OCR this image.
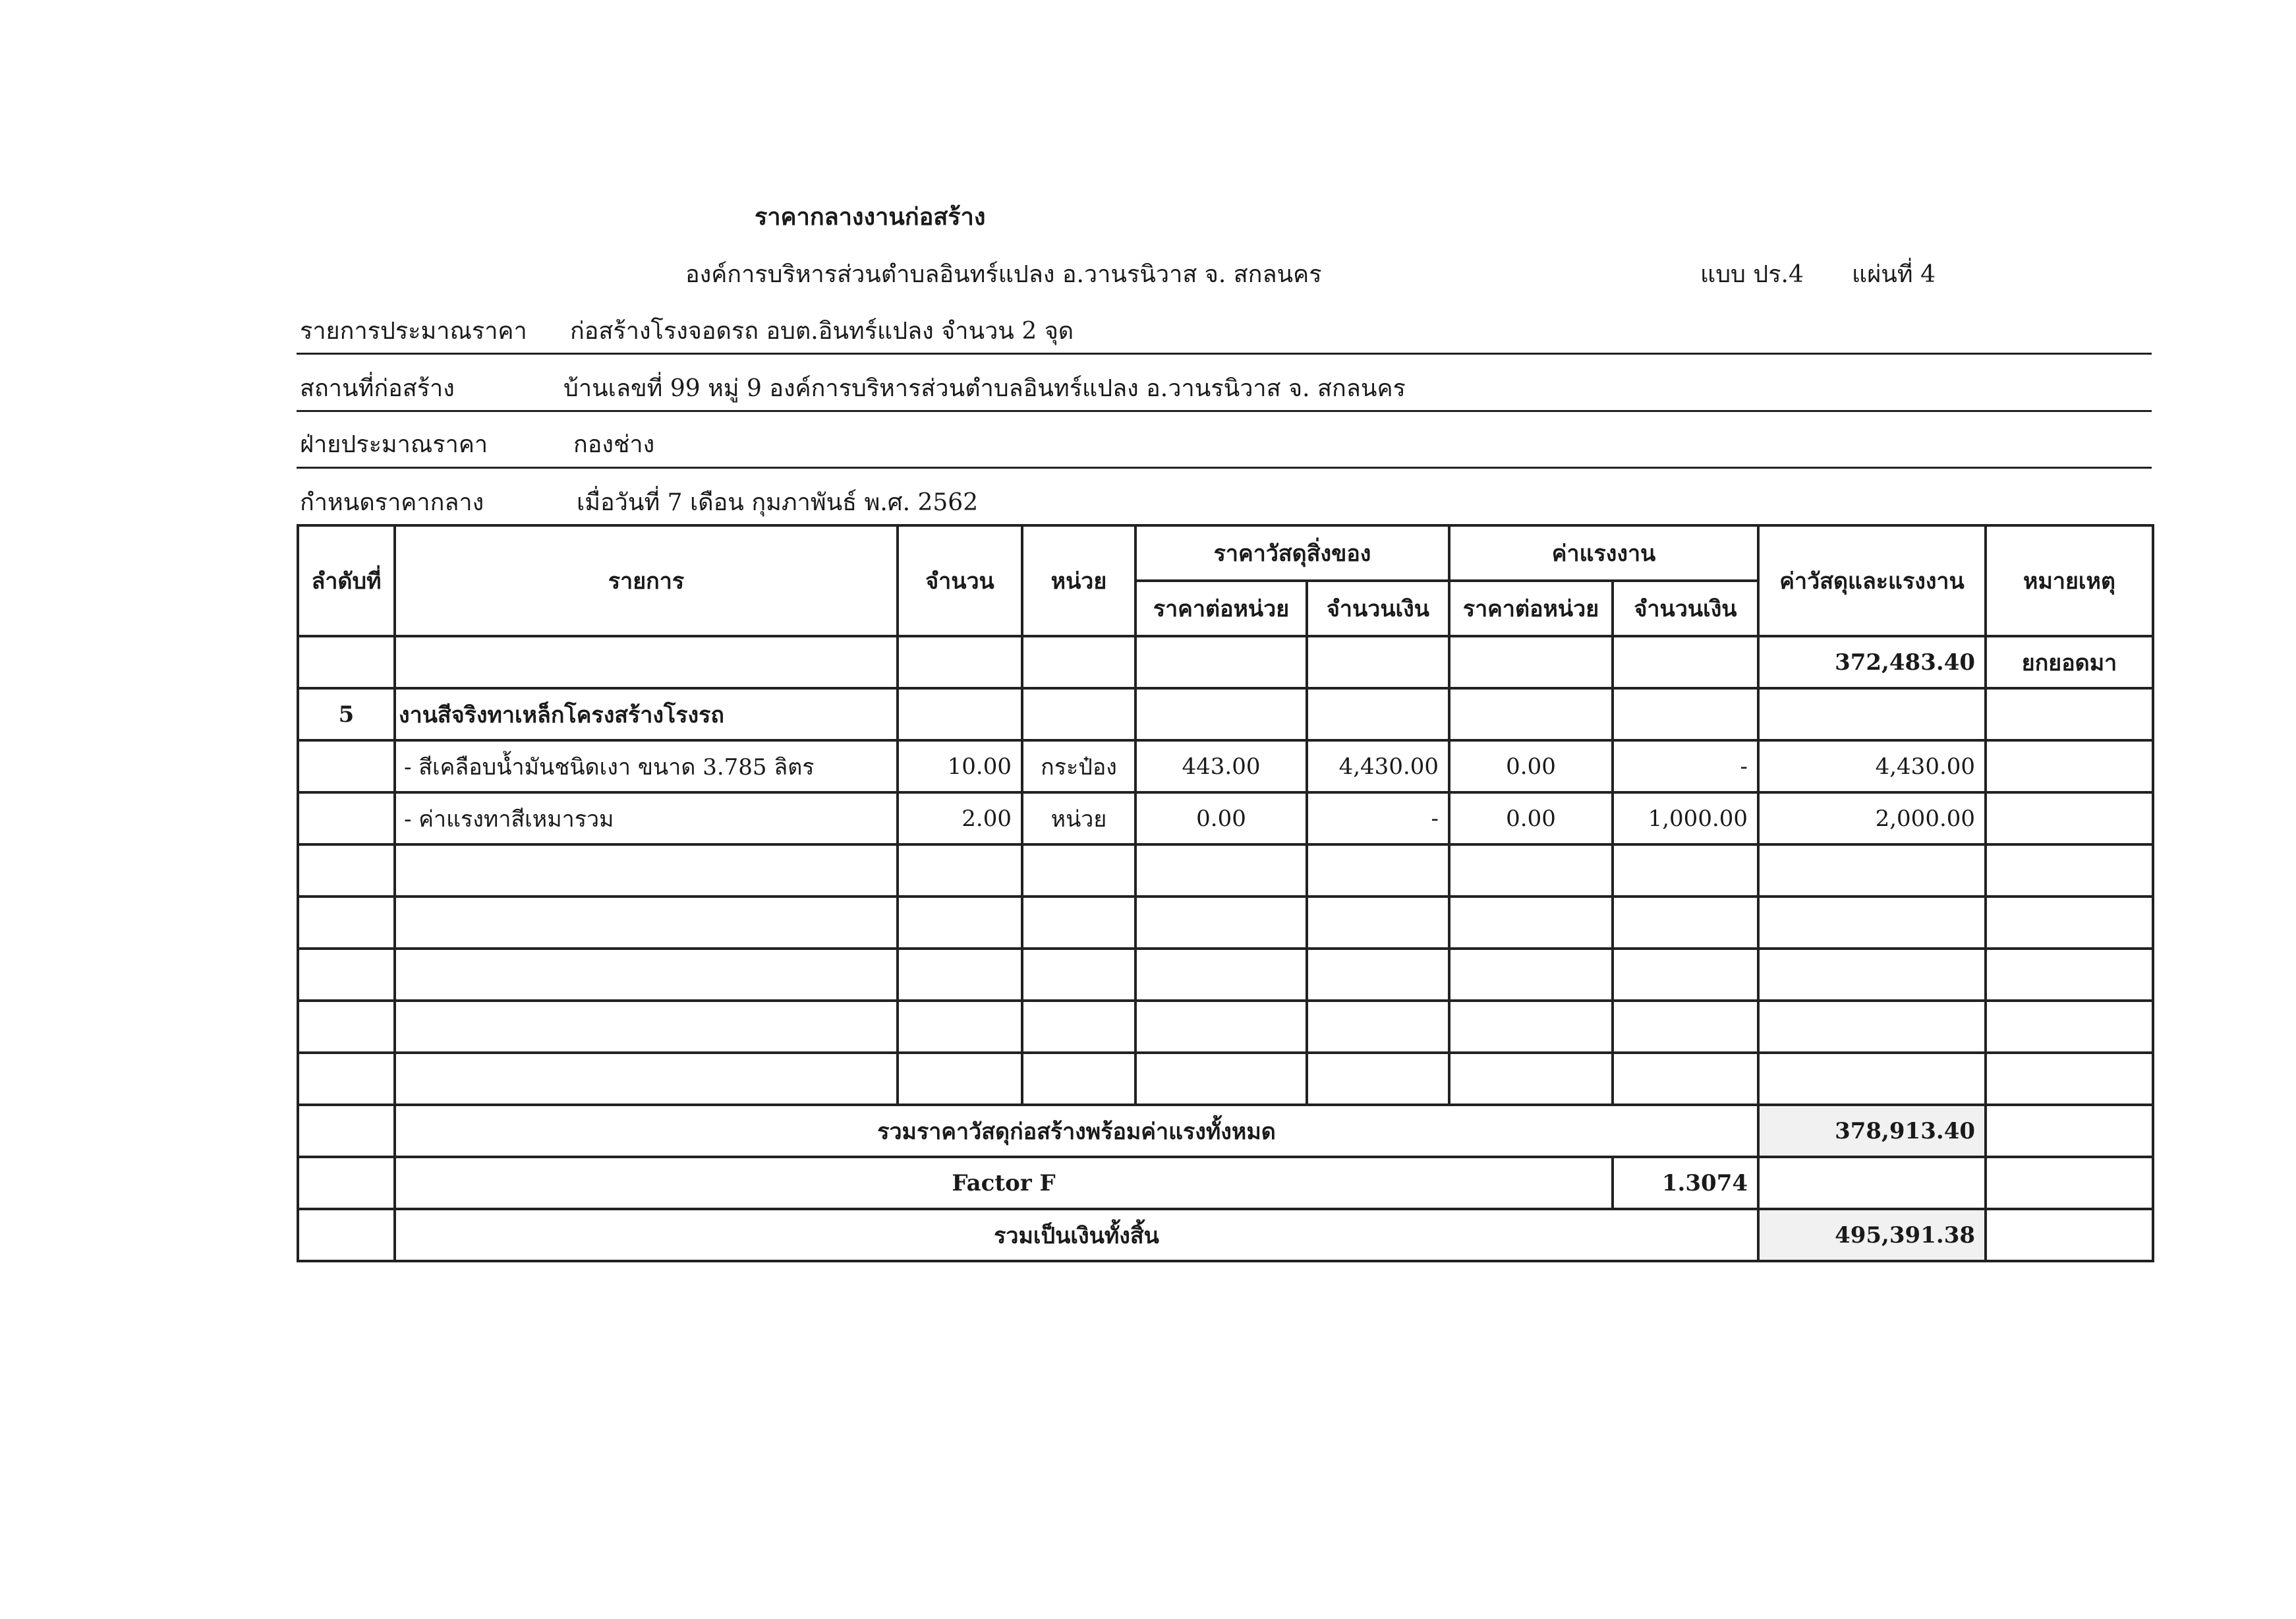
ราคากลางงานก่อสร้าง
องค์การบริหารส่วนตำบลอินทร์แปลง อ.วานรนิวาส จ. สกลนคร	แบบ ปร.4 แผ่นที่ 4
รายการประมาณราคา ก่อสร้างโรงจอดรถ อบต.อินทร์แปลง จำนวน 2 จุด
สถานที่ก่อสร้าง	บ้านเลขที่ 99 หมู่ 9 องค์การบริหารส่วนตำบลอินทร์แปลง อ.วานรนิวาส จ. สกลนคร
ฝ่ายประมาณราคา	กองช่าง
กำหนดราคากลาง	เมื่อวันที่ 7 เดือน กุมภาพันธ์ พ.ศ. 2562
ลำดับที่	รายการ	จำนวน	หน่วย	ราคาวัสดุสิ่งของ		ค่าแรงงาน		ค่าวัสดุและแรงงาน	หมายเหตุ
				ราคาต่อหน่วย	จำนวนเงิน	ราคาต่อหน่วย	จำนวนเงิน		
								372,483.40	ยกยอดมา
5	งานสีจริงทาเหล็กโครงสร้างโรงรถ								
	- สีเคลือบน้ำมันชนิดเงา ขนาด 3.785 ลิตร	10.00	กระป๋อง	443.00	4,430.00	0.00	-	4,430.00	
	- ค่าแรงทาสีเหมารวม	2.00	หน่วย	0.00	-	0.00	1,000.00	2,000.00	

	รวมราคาวัสดุก่อสร้างพร้อมค่าแรงทั้งหมด							378,913.40	
	Factor F						1.3074		
	รวมเป็นเงินทั้งสิ้น							495,391.38	
